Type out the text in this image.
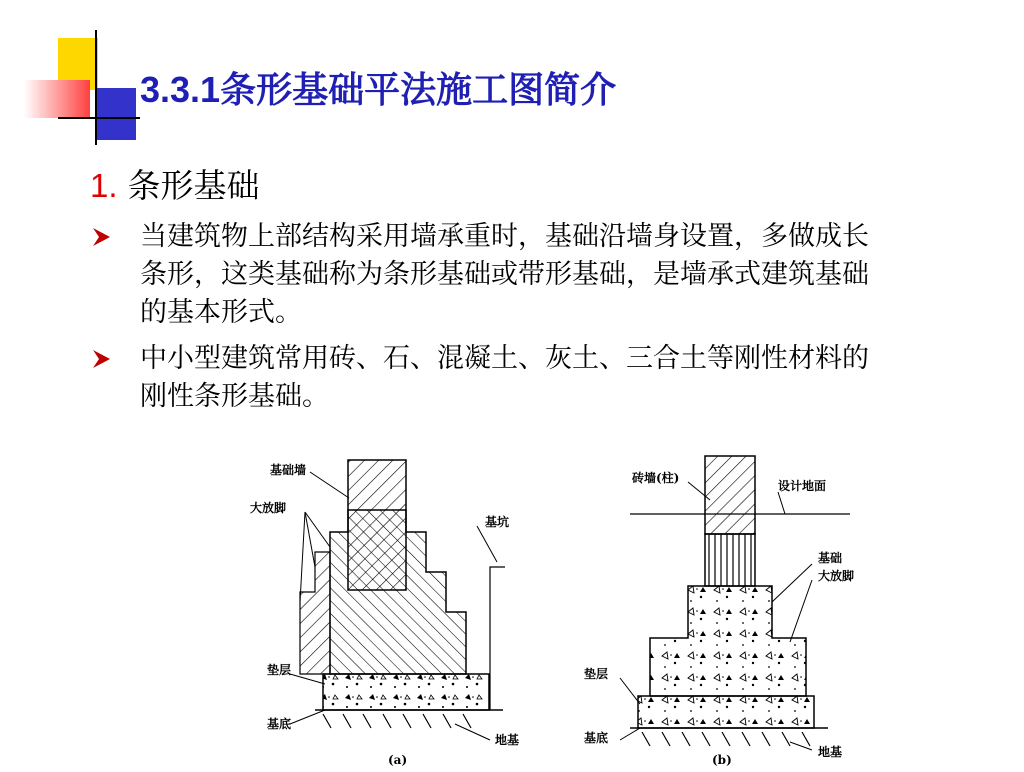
3.3.1条形基础平法施工图简介
1. 条形基础
当建筑物上部结构采用墙承重时，基础沿墙身设置，多做成长条形，这类基础称为条形基础或带形基础，是墙承式建筑基础的基本形式。
中小型建筑常用砖、石、混凝土、灰土、三合土等刚性材料的刚性条形基础。
基础墙
大放脚
基坑
垫层
基底
地基
(a)
砖墙(柱)
设计地面
基础
大放脚
垫层
基底
地基
(b)
